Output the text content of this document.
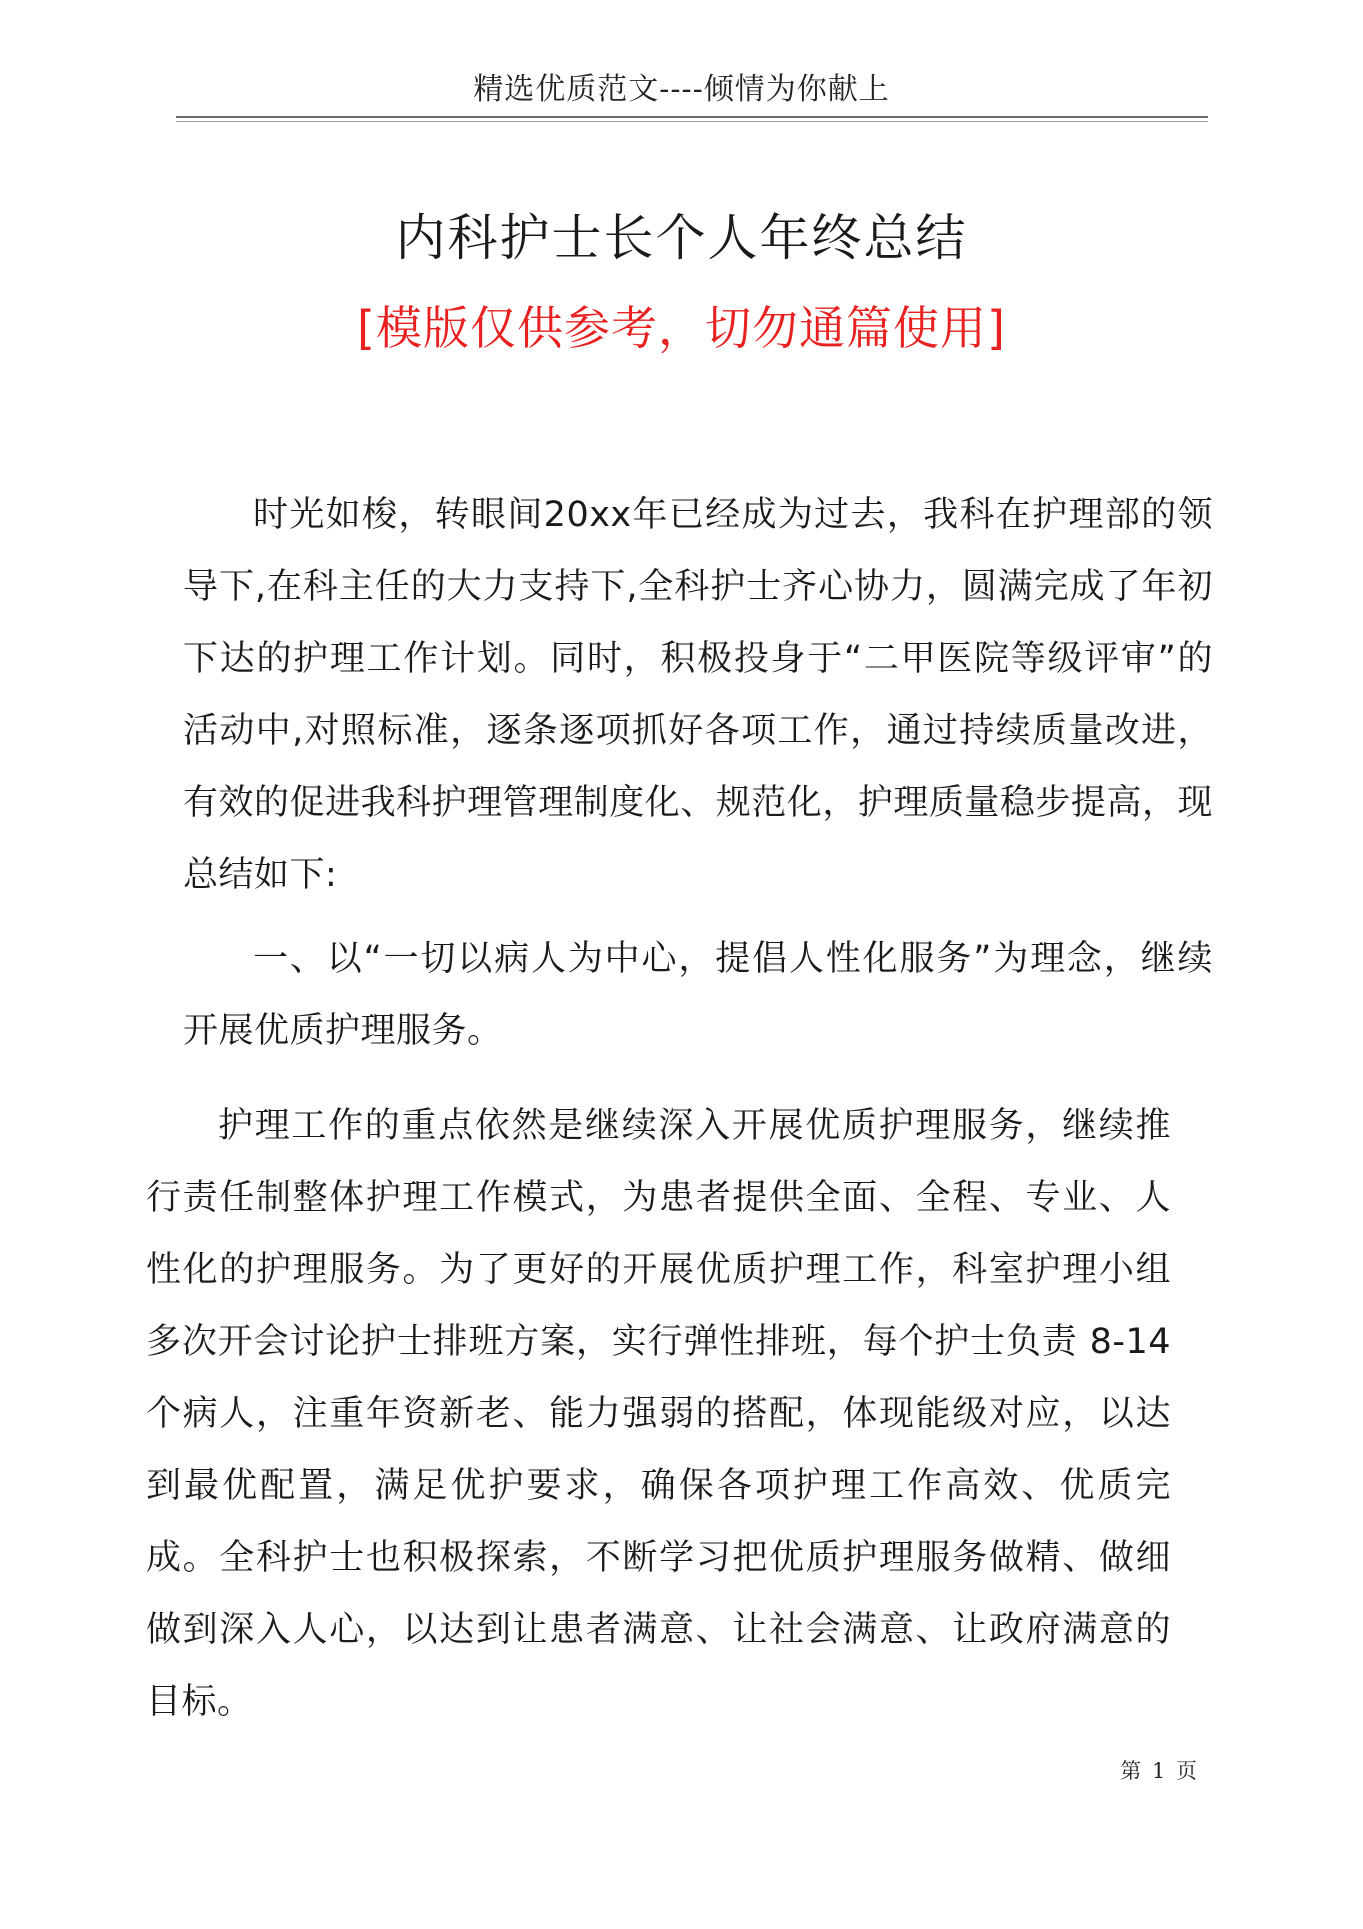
精选优质范文----倾情为你献上
内科护士长个人年终总结
[模版仅供参考，切勿通篇使用]

时光如梭，转眼间20xx年已经成为过去，我科在护理部的领导下,在科主任的大力支持下,全科护士齐心协力，圆满完成了年初下达的护理工作计划。同时，积极投身于“二甲医院等级评审”的活动中,对照标准，逐条逐项抓好各项工作，通过持续质量改进，有效的促进我科护理管理制度化、规范化，护理质量稳步提高，现总结如下:

一、以“一切以病人为中心，提倡人性化服务”为理念，继续开展优质护理服务。

护理工作的重点依然是继续深入开展优质护理服务，继续推行责任制整体护理工作模式，为患者提供全面、全程、专业、人性化的护理服务。为了更好的开展优质护理工作，科室护理小组多次开会讨论护士排班方案，实行弹性排班，每个护士负责 8-14 个病人，注重年资新老、能力强弱的搭配，体现能级对应，以达到最优配置，满足优护要求，确保各项护理工作高效、优质完成。全科护士也积极探索，不断学习把优质护理服务做精、做细做到深入人心，以达到让患者满意、让社会满意、让政府满意的目标。

第 1 页
